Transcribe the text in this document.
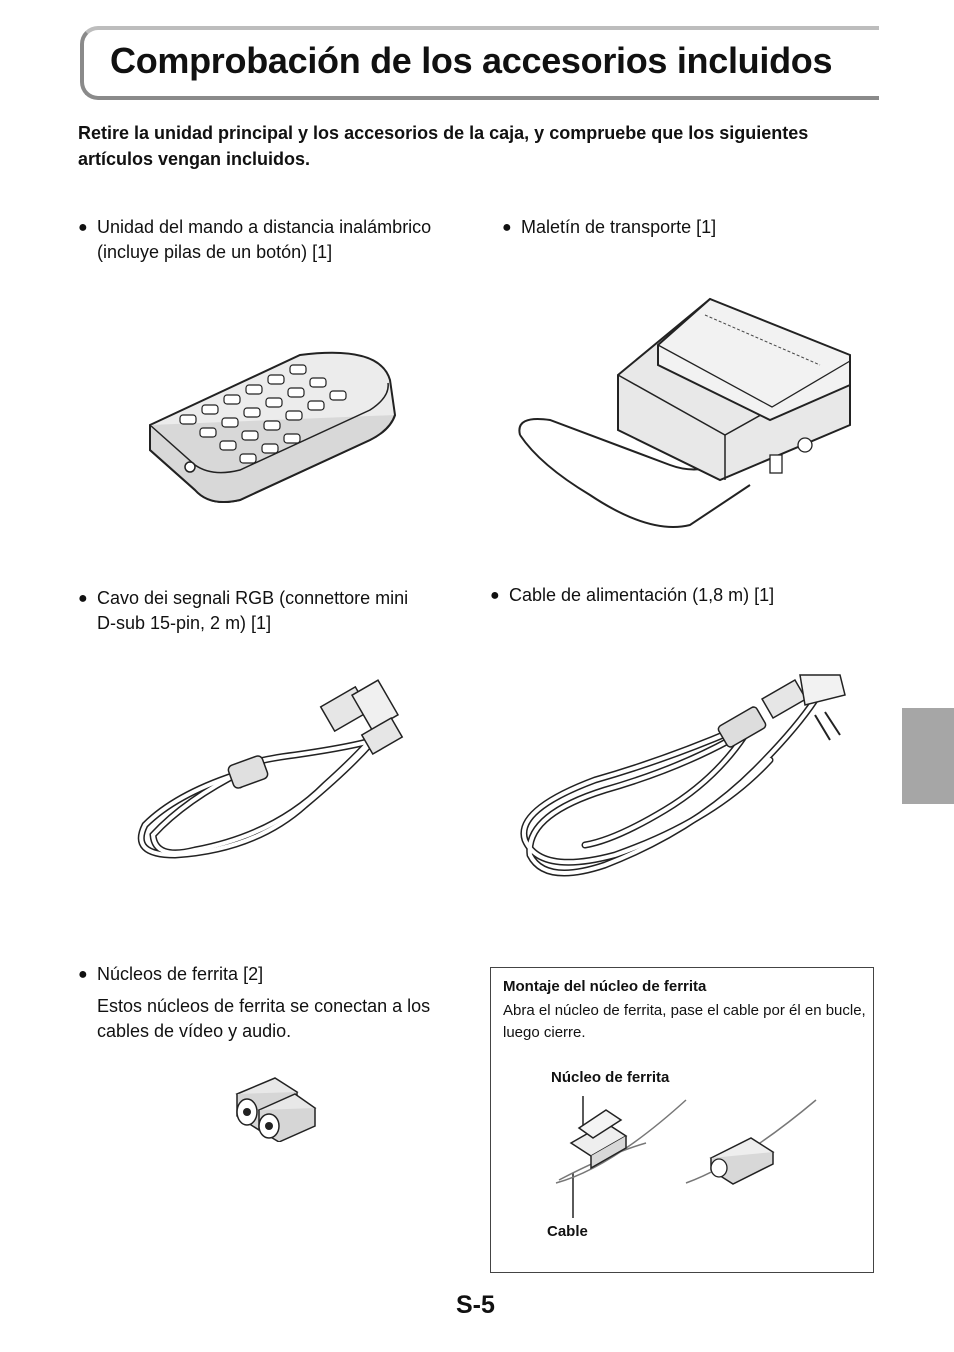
Comprobación de los accesorios incluidos

Retire la unidad principal y los accesorios de la caja, y compruebe que los siguientes artículos vengan incluidos.

● Unidad del mando a distancia inalámbrico
(incluye pilas de un botón) [1]
● Maletín de transporte [1]
● Cavo dei segnali RGB (connettore mini
D-sub 15-pin, 2 m) [1]
● Cable de alimentación (1,8 m) [1]
● Núcleos de ferrita [2]

Estos núcleos de ferrita se conectan a los cables de vídeo y audio.

Montaje del núcleo de ferrita

Abra el núcleo de ferrita, pase el cable por él en bucle, luego cierre.

Núcleo de ferrita
Cable
S-5
